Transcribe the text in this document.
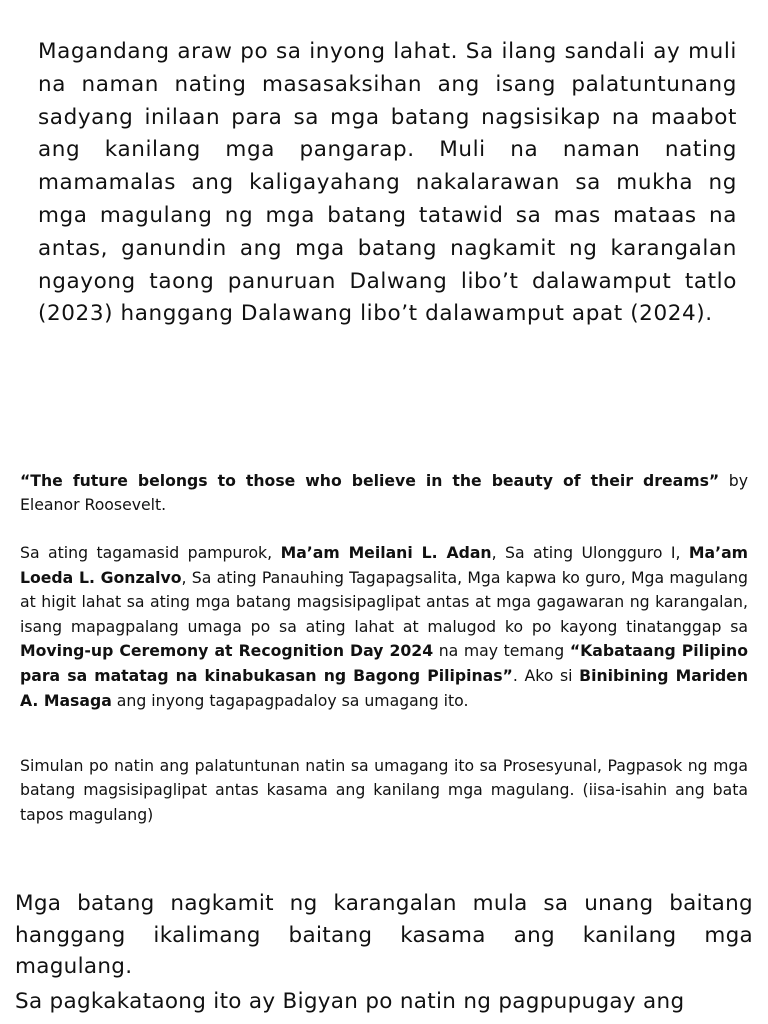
Magandang araw po sa inyong lahat. Sa ilang sandali ay muli na naman nating masasaksihan ang isang palatuntunang sadyang inilaan para sa mga batang nagsisikap na maabot ang kanilang mga pangarap. Muli na naman nating mamamalas ang kaligayahang nakalarawan sa mukha ng mga magulang ng mga batang tatawid sa mas mataas na antas, ganundin ang mga batang nagkamit ng karangalan ngayong taong panuruan Dalwang libo’t dalawamput tatlo (2023) hanggang Dalawang libo’t dalawamput apat (2024).
“The future belongs to those who believe in the beauty of their dreams” by Eleanor Roosevelt.
Sa ating tagamasid pampurok, Ma’am Meilani L. Adan, Sa ating Ulongguro I, Ma’am Loeda L. Gonzalvo, Sa ating Panauhing Tagapagsalita, Mga kapwa ko guro, Mga magulang at higit lahat sa ating mga batang magsisipaglipat antas at mga gagawaran ng karangalan, isang mapagpalang umaga po sa ating lahat at malugod ko po kayong tinatanggap sa Moving-up Ceremony at Recognition Day 2024 na may temang “Kabataang Pilipino para sa matatag na kinabukasan ng Bagong Pilipinas”. Ako si Binibining Mariden A. Masaga ang inyong tagapagpadaloy sa umagang ito.
Simulan po natin ang palatuntunan natin sa umagang ito sa Prosesyunal, Pagpasok ng mga batang magsisipaglipat antas kasama ang kanilang mga magulang. (iisa-isahin ang bata tapos magulang)
Mga batang nagkamit ng karangalan mula sa unang baitang hanggang ikalimang baitang kasama ang kanilang mga magulang.
Sa pagkakataong ito ay Bigyan po natin ng pagpupugay ang
